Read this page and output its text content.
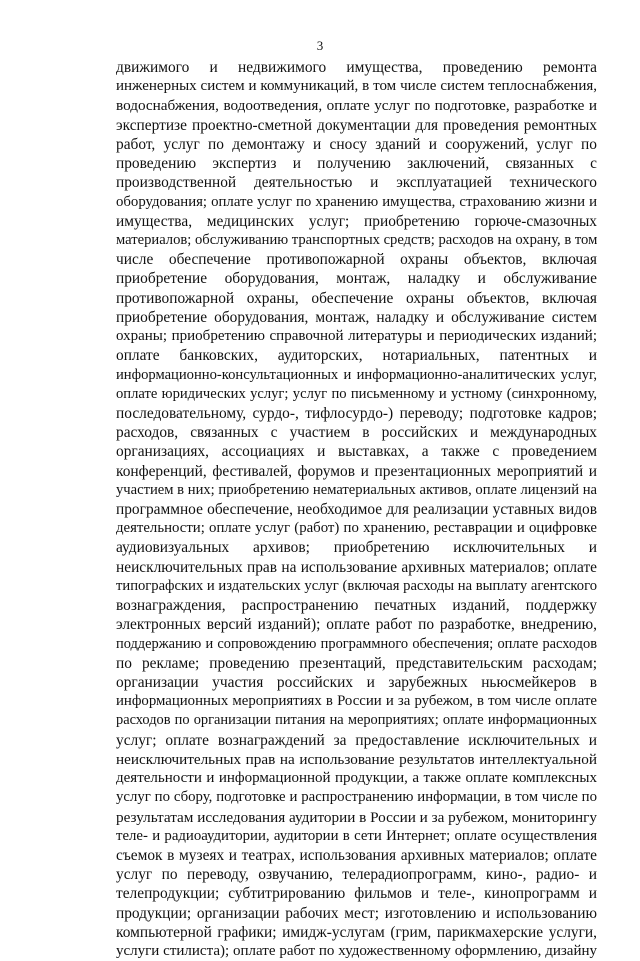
3
движимого и недвижимого имущества, проведению ремонта
инженерных систем и коммуникаций, в том числе систем теплоснабжения,
водоснабжения, водоотведения, оплате услуг по подготовке, разработке и
экспертизе проектно-сметной документации для проведения ремонтных
работ, услуг по демонтажу и сносу зданий и сооружений, услуг по
проведению экспертиз и получению заключений, связанных с
производственной деятельностью и эксплуатацией технического
оборудования; оплате услуг по хранению имущества, страхованию жизни и
имущества, медицинских услуг; приобретению горюче-смазочных
материалов; обслуживанию транспортных средств; расходов на охрану, в том
числе обеспечение противопожарной охраны объектов, включая
приобретение оборудования, монтаж, наладку и обслуживание
противопожарной охраны, обеспечение охраны объектов, включая
приобретение оборудования, монтаж, наладку и обслуживание систем
охраны; приобретению справочной литературы и периодических изданий;
оплате банковских, аудиторских, нотариальных, патентных и
информационно-консультационных и информационно-аналитических услуг,
оплате юридических услуг; услуг по письменному и устному (синхронному,
последовательному, сурдо-, тифлосурдо-) переводу; подготовке кадров;
расходов, связанных с участием в российских и международных
организациях, ассоциациях и выставках, а также с проведением
конференций, фестивалей, форумов и презентационных мероприятий и
участием в них; приобретению нематериальных активов, оплате лицензий на
программное обеспечение, необходимое для реализации уставных видов
деятельности; оплате услуг (работ) по хранению, реставрации и оцифровке
аудиовизуальных архивов; приобретению исключительных и
неисключительных прав на использование архивных материалов; оплате
типографских и издательских услуг (включая расходы на выплату агентского
вознаграждения, распространению печатных изданий, поддержку
электронных версий изданий); оплате работ по разработке, внедрению,
поддержанию и сопровождению программного обеспечения; оплате расходов
по рекламе; проведению презентаций, представительским расходам;
организации участия российских и зарубежных ньюсмейкеров в
информационных мероприятиях в России и за рубежом, в том числе оплате
расходов по организации питания на мероприятиях; оплате информационных
услуг; оплате вознаграждений за предоставление исключительных и
неисключительных прав на использование результатов интеллектуальной
деятельности и информационной продукции, а также оплате комплексных
услуг по сбору, подготовке и распространению информации, в том числе по
результатам исследования аудитории в России и за рубежом, мониторингу
теле- и радиоаудитории, аудитории в сети Интернет; оплате осуществления
съемок в музеях и театрах, использования архивных материалов; оплате
услуг по переводу, озвучанию, телерадиопрограмм, кино-, радио- и
телепродукции; субтитрированию фильмов и теле-, кинопрограмм и
продукции; организации рабочих мест; изготовлению и использованию
компьютерной графики; имидж-услугам (грим, парикмахерские услуги,
услуги стилиста); оплате работ по художественному оформлению, дизайну
